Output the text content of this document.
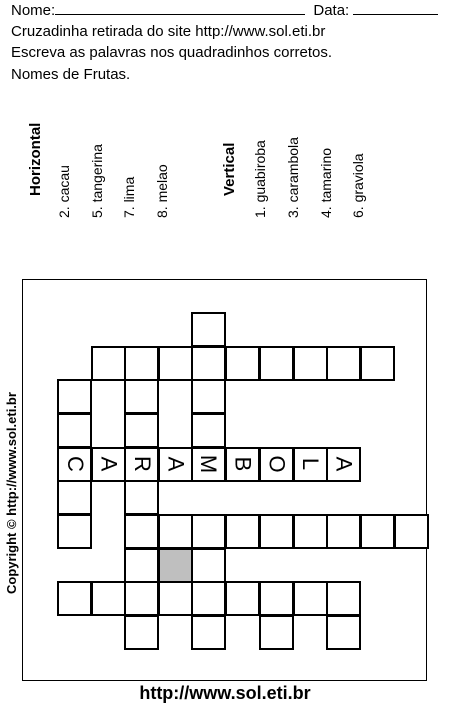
Nome:	Data:
Cruzadinha retirada do site http://www.sol.eti.br
Escreva as palavras nos quadradinhos corretos.
Nomes de Frutas.
Horizontal 2. cacau 5. tangerina 7. lima 8. melao	Vertical 1. guabiroba 3. carambola 4. tamarino 6. graviola
C A R A M B O L A
Copyright © http://www.sol.eti.br
http://www.sol.eti.br
